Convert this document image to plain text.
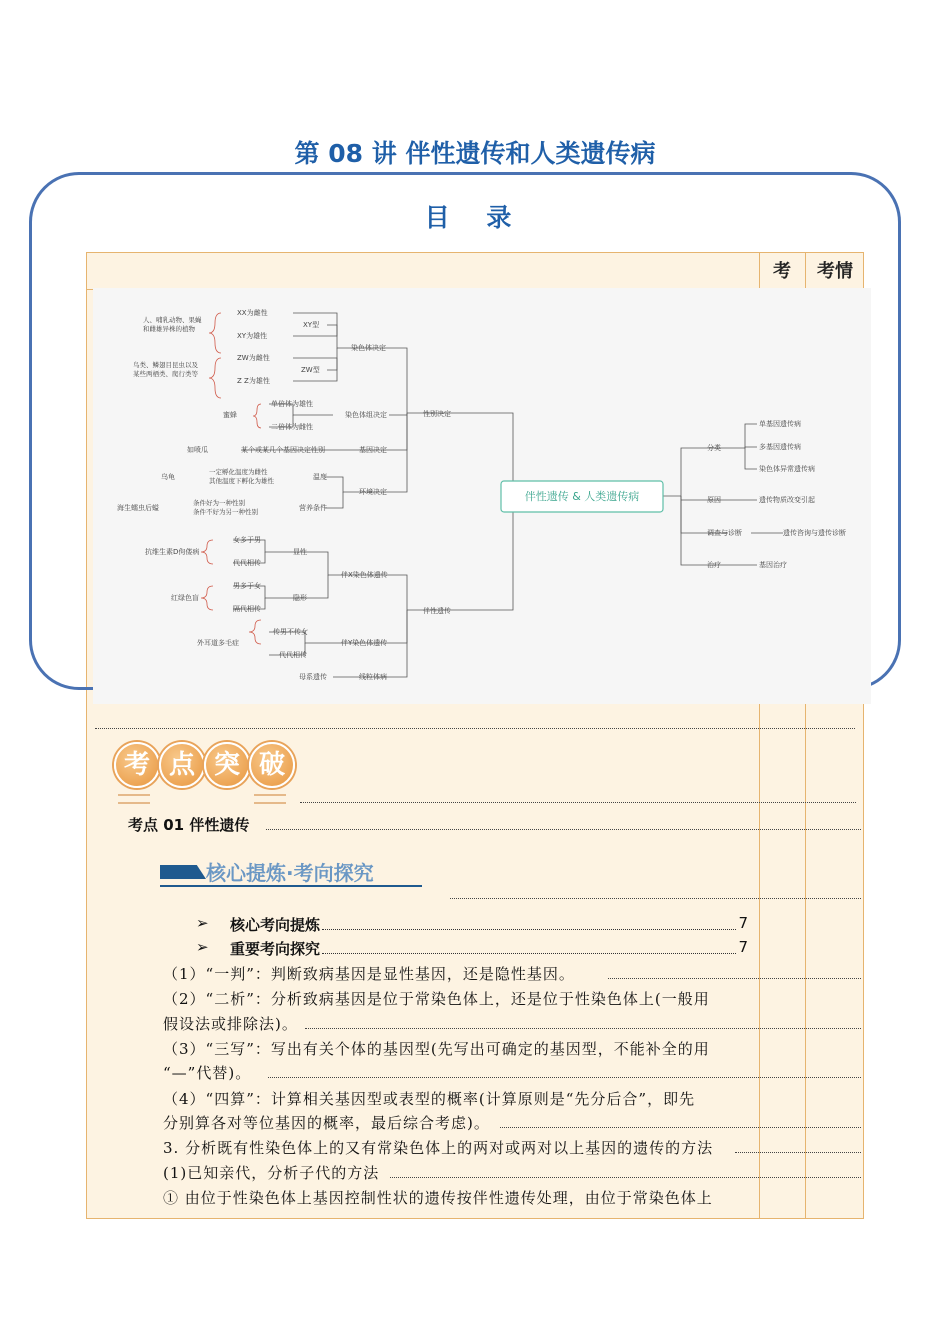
第 08 讲 伴性遗传和人类遗传病
考 考情
目 录
伴性遗传 & 人类遗传病
性别决定
伴性遗传
染色体决定
染色体组决定
基因决定
环境决定
XY型
ZW型
XX为雌性
XY为雄性
ZW为雌性
Z Z为雄性
人、哺乳动物、果蝇和雌雄异株的植物
鸟类、鳞翅目昆虫以及某些两栖类、爬行类等
蜜蜂
单倍体为雄性
二倍体为雌性
某个或某几个基因决定性别
如喷瓜
温度
营养条件
一定孵化温度为雌性其他温度下孵化为雄性
乌龟
条件好为一种性别条件不好为另一种性别
海生蠕虫后螠
伴X染色体遗传
伴Y染色体遗传
线粒体病
显性
隐形
女多于男
代代相传
抗维生素D佝偻病
男多于女
隔代相传
红绿色盲
传男不传女
代代相传
外耳道多毛症
母系遗传
分类
原因
调查与诊断
治疗
单基因遗传病
多基因遗传病
染色体异常遗传病
遗传物质改变引起
遗传咨询与遗传诊断
基因治疗
考 点 突 破
考点 01 伴性遗传
核心提炼·考向探究
➢	核心考向提炼	7
➢	重要考向探究	7
（1）“一判”：判断致病基因是显性基因，还是隐性基因。
（2）“二析”：分析致病基因是位于常染色体上，还是位于性染色体上(一般用
假设法或排除法)。
（3）“三写”：写出有关个体的基因型(先写出可确定的基因型，不能补全的用
“—”代替)。
（4）“四算”：计算相关基因型或表型的概率(计算原则是“先分后合”，即先
分别算各对等位基因的概率，最后综合考虑)。
3. 分析既有性染色体上的又有常染色体上的两对或两对以上基因的遗传的方法
(1)已知亲代，分析子代的方法
① 由位于性染色体上基因控制性状的遗传按伴性遗传处理，由位于常染色体上
